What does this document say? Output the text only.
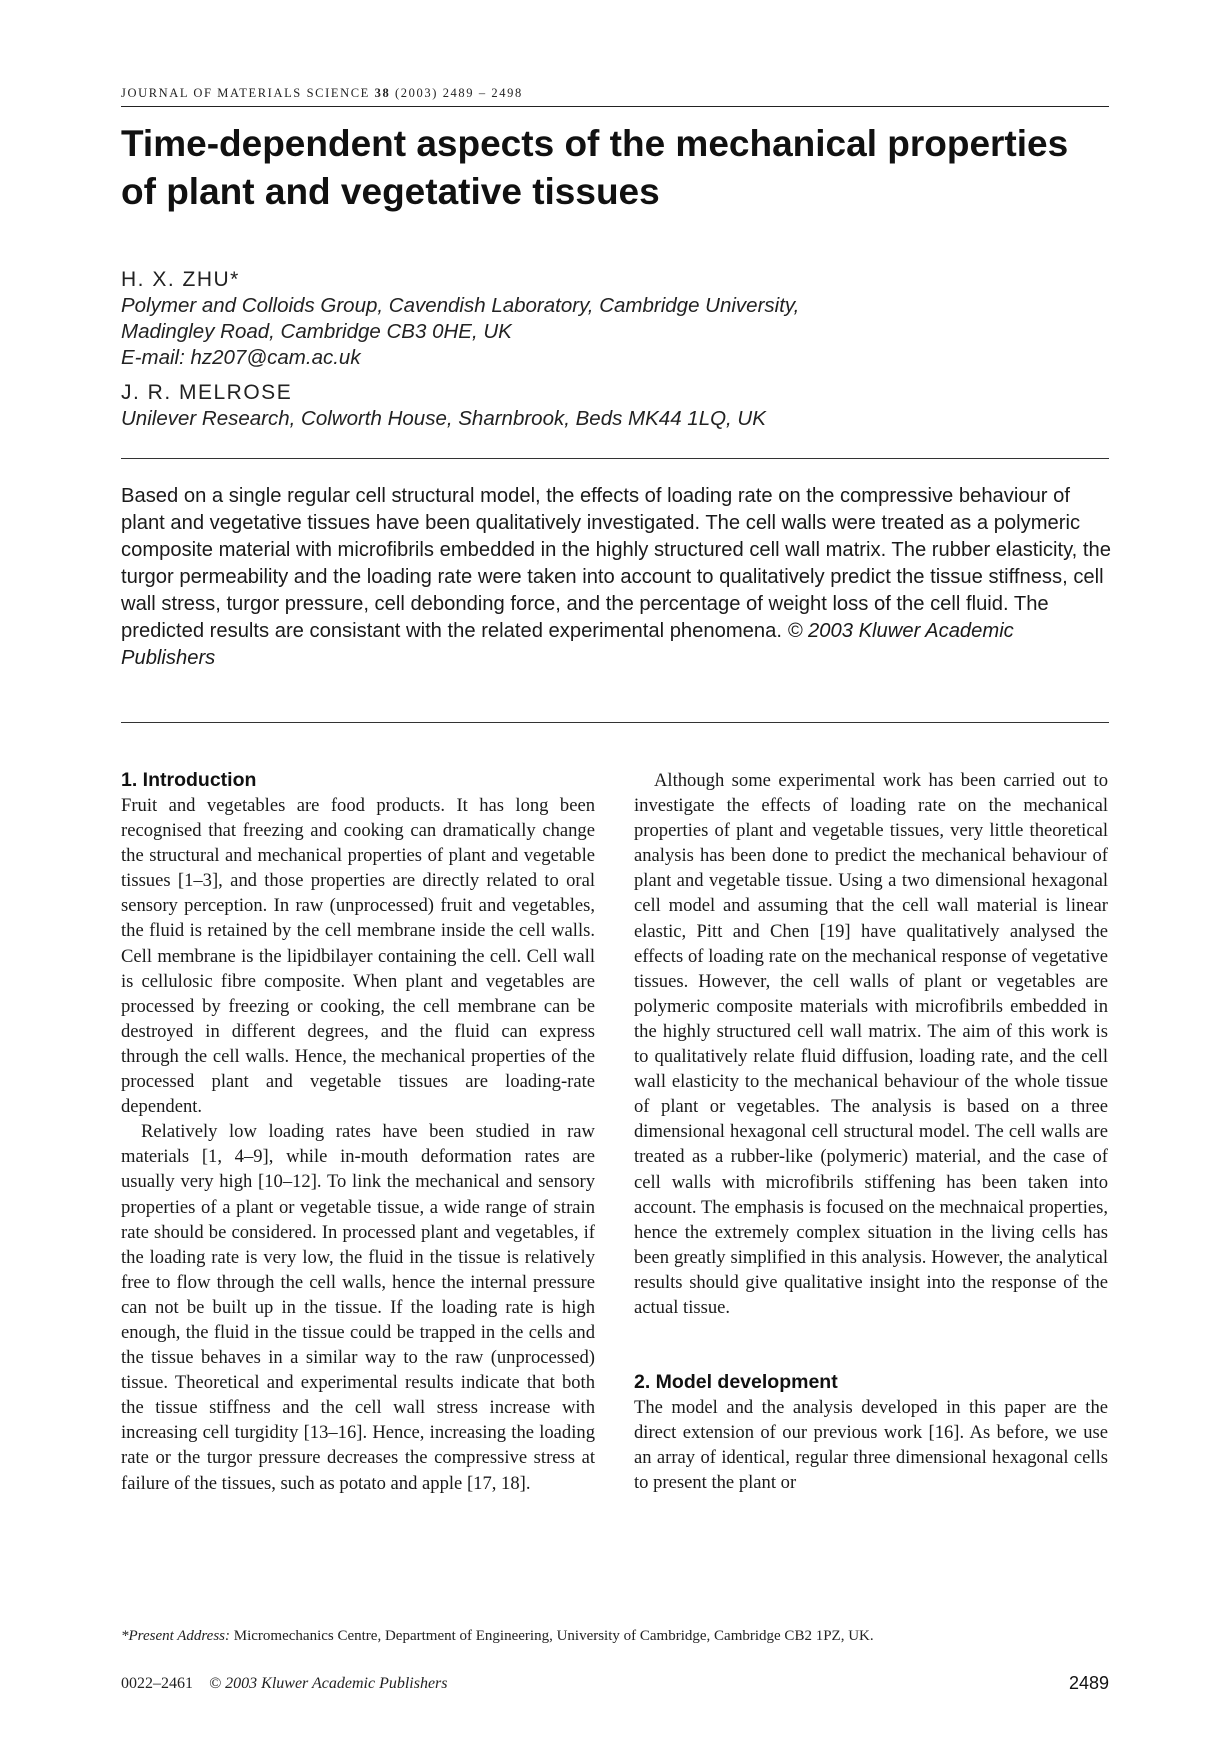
JOURNAL OF MATERIALS SCIENCE 38 (2003) 2489 – 2498
Time-dependent aspects of the mechanical properties of plant and vegetative tissues
H. X. ZHU*
Polymer and Colloids Group, Cavendish Laboratory, Cambridge University,
Madingley Road, Cambridge CB3 0HE, UK
E-mail: hz207@cam.ac.uk
J. R. MELROSE
Unilever Research, Colworth House, Sharnbrook, Beds MK44 1LQ, UK

Based on a single regular cell structural model, the effects of loading rate on the compressive behaviour of plant and vegetative tissues have been qualitatively investigated. The cell walls were treated as a polymeric composite material with microfibrils embedded in the highly structured cell wall matrix. The rubber elasticity, the turgor permeability and the loading rate were taken into account to qualitatively predict the tissue stiffness, cell wall stress, turgor pressure, cell debonding force, and the percentage of weight loss of the cell fluid. The predicted results are consistant with the related experimental phenomena. © 2003 Kluwer Academic Publishers

1. Introduction

Fruit and vegetables are food products. It has long been recognised that freezing and cooking can dramatically change the structural and mechanical properties of plant and vegetable tissues [1–3], and those properties are directly related to oral sensory perception. In raw (unprocessed) fruit and vegetables, the fluid is retained by the cell membrane inside the cell walls. Cell membrane is the lipidbilayer containing the cell. Cell wall is cellulosic fibre composite. When plant and vegetables are processed by freezing or cooking, the cell membrane can be destroyed in different degrees, and the fluid can express through the cell walls. Hence, the mechanical properties of the processed plant and vegetable tissues are loading-rate dependent.

Relatively low loading rates have been studied in raw materials [1, 4–9], while in-mouth deformation rates are usually very high [10–12]. To link the mechanical and sensory properties of a plant or vegetable tissue, a wide range of strain rate should be considered. In processed plant and vegetables, if the loading rate is very low, the fluid in the tissue is relatively free to flow through the cell walls, hence the internal pressure can not be built up in the tissue. If the loading rate is high enough, the fluid in the tissue could be trapped in the cells and the tissue behaves in a similar way to the raw (unprocessed) tissue. Theoretical and experimental results indicate that both the tissue stiffness and the cell wall stress increase with increasing cell turgidity [13–16]. Hence, increasing the loading rate or the turgor pressure decreases the compressive stress at failure of the tissues, such as potato and apple [17, 18].

Although some experimental work has been carried out to investigate the effects of loading rate on the mechanical properties of plant and vegetable tissues, very little theoretical analysis has been done to predict the mechanical behaviour of plant and vegetable tissue. Using a two dimensional hexagonal cell model and assuming that the cell wall material is linear elastic, Pitt and Chen [19] have qualitatively analysed the effects of loading rate on the mechanical response of vegetative tissues. However, the cell walls of plant or vegetables are polymeric composite materials with microfibrils embedded in the highly structured cell wall matrix. The aim of this work is to qualitatively relate fluid diffusion, loading rate, and the cell wall elasticity to the mechanical behaviour of the whole tissue of plant or vegetables. The analysis is based on a three dimensional hexagonal cell structural model. The cell walls are treated as a rubber-like (polymeric) material, and the case of cell walls with microfibrils stiffening has been taken into account. The emphasis is focused on the mechnaical properties, hence the extremely complex situation in the living cells has been greatly simplified in this analysis. However, the analytical results should give qualitative insight into the response of the actual tissue.

2. Model development

The model and the analysis developed in this paper are the direct extension of our previous work [16]. As before, we use an array of identical, regular three dimensional hexagonal cells to present the plant or

*Present Address: Micromechanics Centre, Department of Engineering, University of Cambridge, Cambridge CB2 1PZ, UK.
0022–2461 © 2003 Kluwer Academic Publishers	2489
